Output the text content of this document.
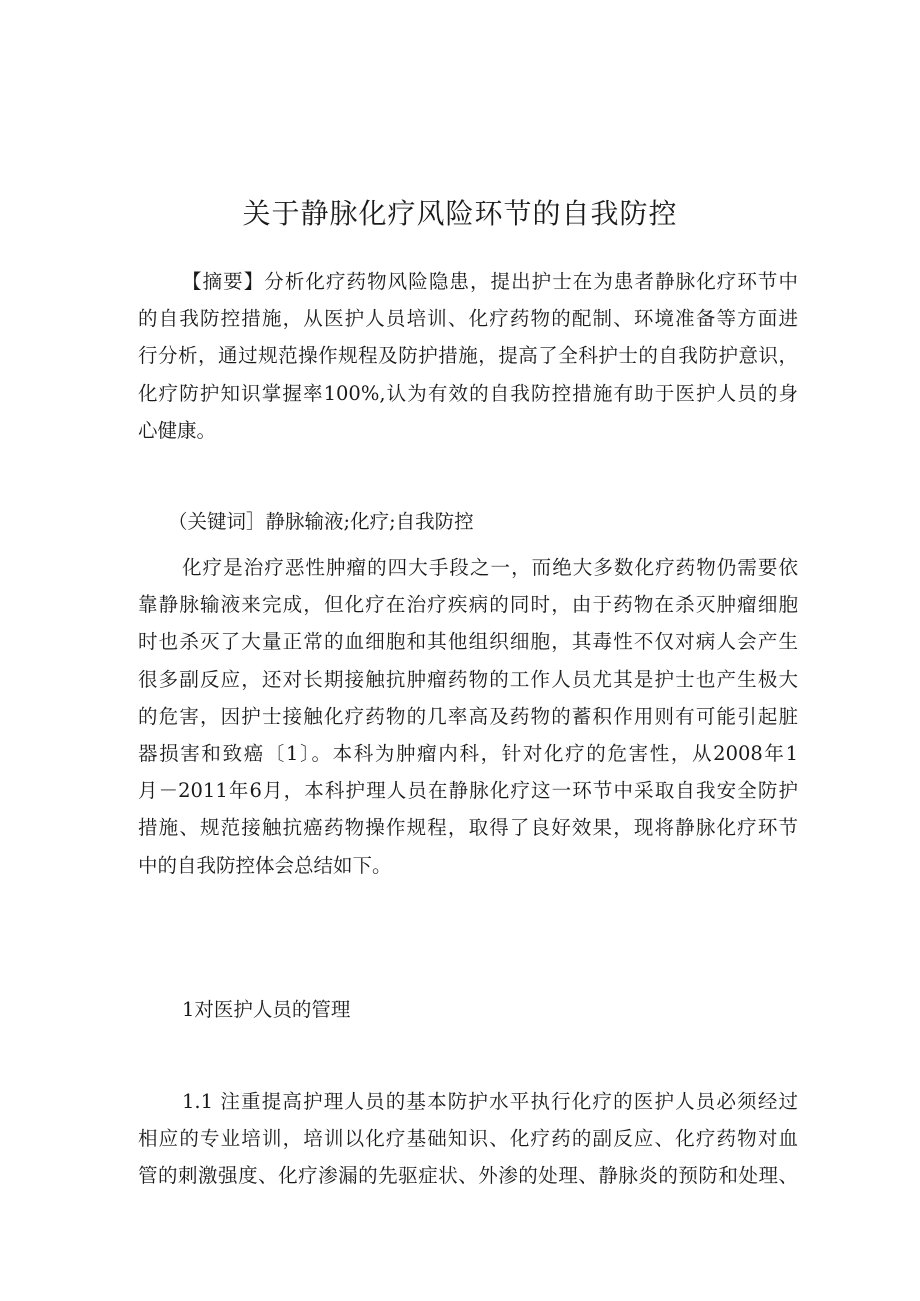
关于静脉化疗风险环节的自我防控
【摘要】分析化疗药物风险隐患，提出护士在为患者静脉化疗环节中
的自我防控措施，从医护人员培训、化疗药物的配制、环境准备等方面进
行分析，通过规范操作规程及防护措施，提高了全科护士的自我防护意识，
化疗防护知识掌握率100%,认为有效的自我防控措施有助于医护人员的身
心健康。
（关键词］静脉输液;化疗;自我防控
化疗是治疗恶性肿瘤的四大手段之一，而绝大多数化疗药物仍需要依
靠静脉输液来完成，但化疗在治疗疾病的同时，由于药物在杀灭肿瘤细胞
时也杀灭了大量正常的血细胞和其他组织细胞，其毒性不仅对病人会产生
很多副反应，还对长期接触抗肿瘤药物的工作人员尤其是护士也产生极大
的危害，因护士接触化疗药物的几率高及药物的蓄积作用则有可能引起脏
器损害和致癌〔1〕。本科为肿瘤内科，针对化疗的危害性，从2008年1
月－2011年6月，本科护理人员在静脉化疗这一环节中采取自我安全防护
措施、规范接触抗癌药物操作规程，取得了良好效果，现将静脉化疗环节
中的自我防控体会总结如下。
1对医护人员的管理
1.1 注重提高护理人员的基本防护水平执行化疗的医护人员必须经过
相应的专业培训，培训以化疗基础知识、化疗药的副反应、化疗药物对血
管的刺激强度、化疗渗漏的先驱症状、外渗的处理、静脉炎的预防和处理、
